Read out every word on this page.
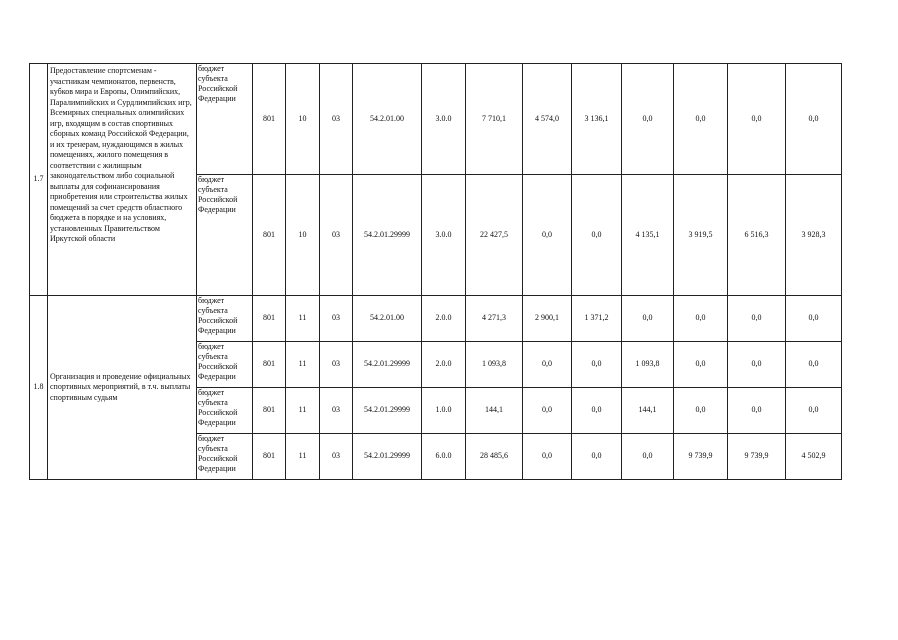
1.7	Предоставление спортсменам - участникам чемпионатов, первенств, кубков мира и Европы, Олимпийских, Паралимпийских и Сурдлимпийских игр, Всемирных специальных олимпийских игр, входящим в состав спортивных сборных команд Российской Федерации, и их тренерам, нуждающимся в жилых помещениях, жилого помещения в соответствии с жилищным законодательством либо социальной выплаты для софинансирования приобретения или строительства жилых помещений за счет средств областного бюджета в порядке и на условиях, установленных Правительством Иркутской области	бюджет субъекта Российской Федерации	801	10	03	54.2.01.00	3.0.0	7 710,1	4 574,0	3 136,1	0,0	0,0	0,0	0,0	
		бюджет субъекта Российской Федерации	801	10	03	54.2.01.29999	3.0.0	22 427,5	0,0	0,0	4 135,1	3 919,5	6 516,3	3 928,3	
1.8	Организация и проведение официальных спортивных мероприятий, в т.ч. выплаты спортивным судьям	бюджет субъекта Российской Федерации	801	11	03	54.2.01.00	2.0.0	4 271,3	2 900,1	1 371,2	0,0	0,0	0,0	0,0	
		бюджет субъекта Российской Федерации	801	11	03	54.2.01.29999	2.0.0	1 093,8	0,0	0,0	1 093,8	0,0	0,0	0,0	
		бюджет субъекта Российской Федерации	801	11	03	54.2.01.29999	1.0.0	144,1	0,0	0,0	144,1	0,0	0,0	0,0	
		бюджет субъекта Российской Федерации	801	11	03	54.2.01.29999	6.0.0	28 485,6	0,0	0,0	0,0	9 739,9	9 739,9	4 502,9	
